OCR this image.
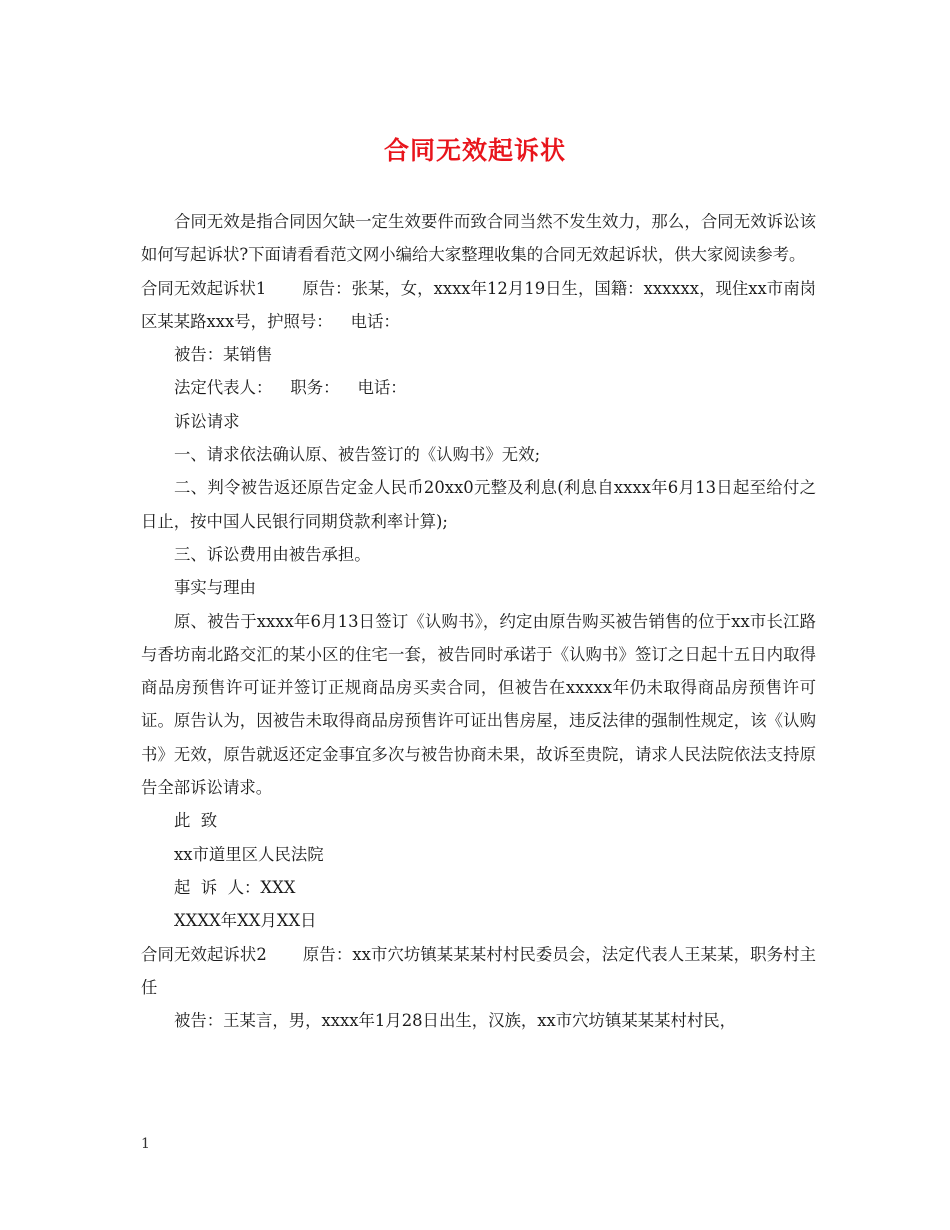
合同无效起诉状

合同无效是指合同因欠缺一定生效要件而致合同当然不发生效力，那么，合同无效诉讼该如何写起诉状?下面请看看范文网小编给大家整理收集的合同无效起诉状，供大家阅读参考。

合同无效起诉状1 原告：张某，女，xxxx年12月19日生，国籍：xxxxxx，现住xx市南岗区某某路xxx号，护照号： 电话：

被告：某销售

法定代表人： 职务： 电话：

诉讼请求

一、请求依法确认原、被告签订的《认购书》无效;

二、判令被告返还原告定金人民币20xx0元整及利息(利息自xxxx年6月13日起至给付之日止，按中国人民银行同期贷款利率计算);

三、诉讼费用由被告承担。

事实与理由

原、被告于xxxx年6月13日签订《认购书》，约定由原告购买被告销售的位于xx市长江路与香坊南北路交汇的某小区的住宅一套，被告同时承诺于《认购书》签订之日起十五日内取得商品房预售许可证并签订正规商品房买卖合同，但被告在xxxxx年仍未取得商品房预售许可证。原告认为，因被告未取得商品房预售许可证出售房屋，违反法律的强制性规定，该《认购书》无效，原告就返还定金事宜多次与被告协商未果，故诉至贵院，请求人民法院依法支持原告全部诉讼请求。

此  致

xx市道里区人民法院

起  诉  人：XXX

XXXX年XX月XX日

合同无效起诉状2 原告：xx市穴坊镇某某某村村民委员会，法定代表人王某某，职务村主任

被告：王某言，男，xxxx年1月28日出生，汉族，xx市穴坊镇某某某村村民，

1
